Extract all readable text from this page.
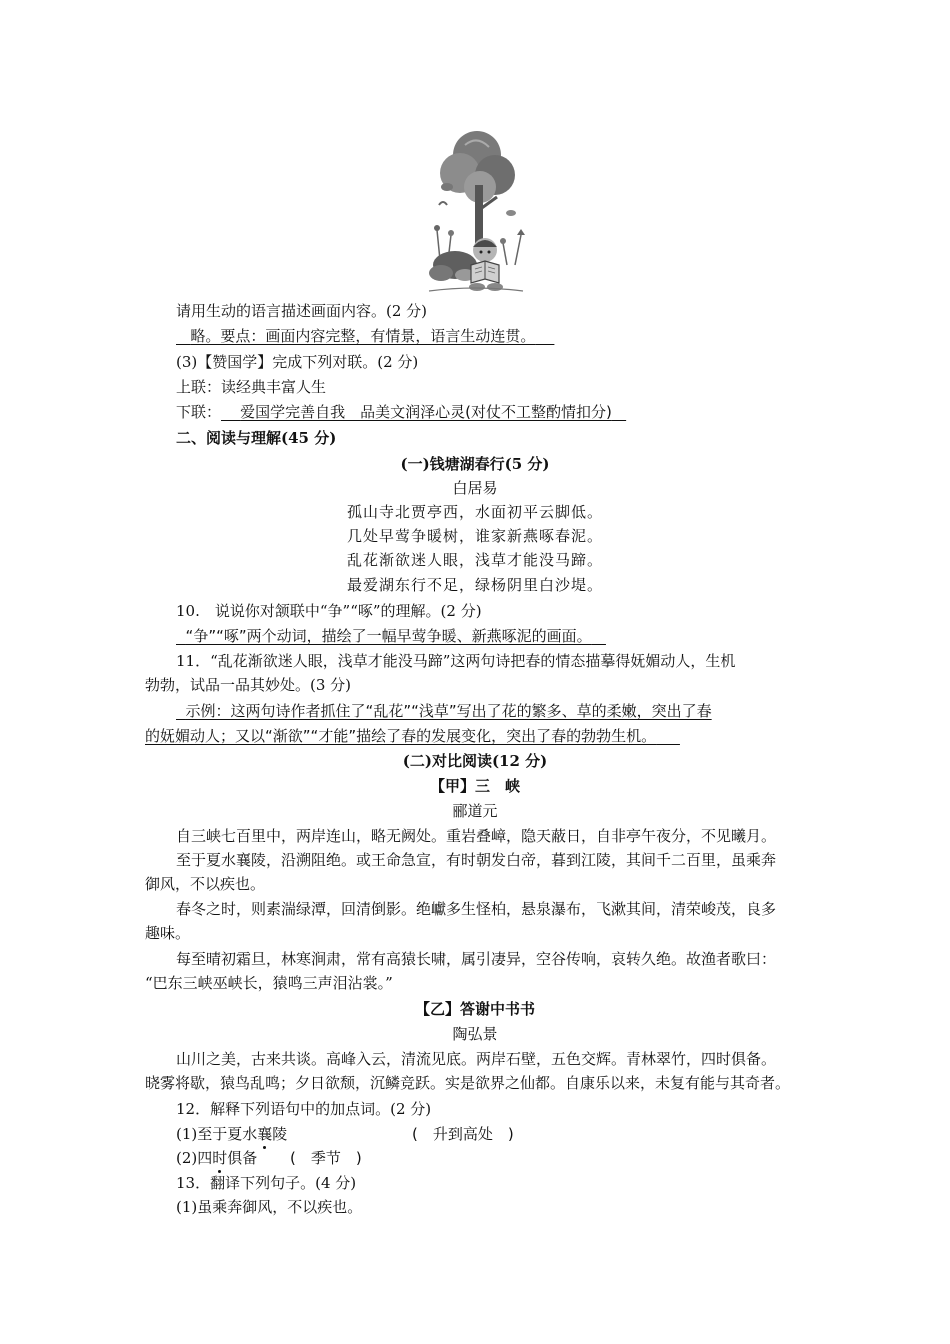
请用生动的语言描述画面内容。(2 分)
略。要点：画面内容完整，有情景，语言生动连贯。
(3)【赞国学】完成下列对联。(2 分)
上联：读经典丰富人生
下联： 爱国学完善自我　品美文润泽心灵(对仗不工整酌情扣分)
二、阅读与理解(45 分)
(一)钱塘湖春行(5 分)
白居易
孤山寺北贾亭西，水面初平云脚低。
几处早莺争暖树，谁家新燕啄春泥。
乱花渐欲迷人眼，浅草才能没马蹄。
最爱湖东行不足，绿杨阴里白沙堤。
10.　说说你对颔联中“争”“啄”的理解。(2 分)
“争”“啄”两个动词，描绘了一幅早莺争暖、新燕啄泥的画面。
11．“乱花渐欲迷人眼，浅草才能没马蹄”这两句诗把春的情态描摹得妩媚动人，生机
勃勃，试品一品其妙处。(3 分)
示例：这两句诗作者抓住了“乱花”“浅草”写出了花的繁多、草的柔嫩，突出了春
的妩媚动人；又以“渐欲”“才能”描绘了春的发展变化，突出了春的勃勃生机。
(二)对比阅读(12 分)
【甲】三　峡
郦道元
自三峡七百里中，两岸连山，略无阙处。重岩叠嶂，隐天蔽日，自非亭午夜分，不见曦月。
至于夏水襄陵，沿溯阻绝。或王命急宣，有时朝发白帝，暮到江陵，其间千二百里，虽乘奔
御风，不以疾也。
春冬之时，则素湍绿潭，回清倒影。绝巘多生怪柏，悬泉瀑布，飞漱其间，清荣峻茂，良多
趣味。
每至晴初霜旦，林寒涧肃，常有高猿长啸，属引凄异，空谷传响，哀转久绝。故渔者歌曰：
“巴东三峡巫峡长，猿鸣三声泪沾裳。”
【乙】答谢中书书
陶弘景
山川之美，古来共谈。高峰入云，清流见底。两岸石壁，五色交辉。青林翠竹，四时俱备。
晓雾将歇，猿鸟乱鸣；夕日欲颓，沉鳞竞跃。实是欲界之仙都。自康乐以来，未复有能与其奇者。
12．解释下列语句中的加点词。(2 分)
(1)至于夏水襄陵	(　升到高处　)
(2)四时俱备 (　季节　)
13．翻译下列句子。(4 分)
(1)虽乘奔御风，不以疾也。
